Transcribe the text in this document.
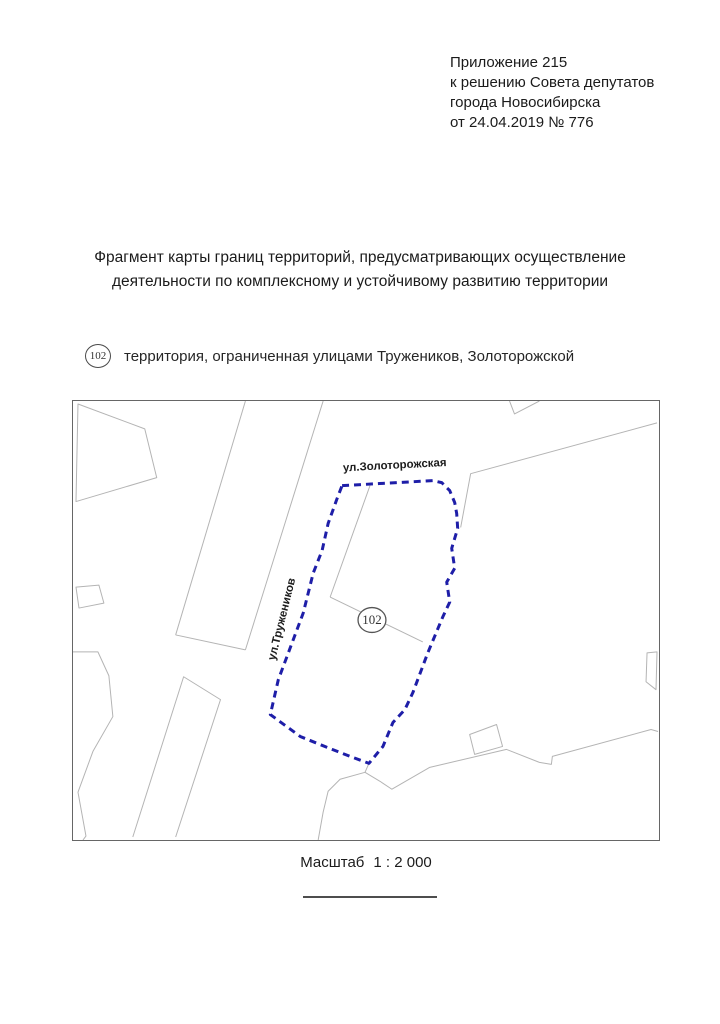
Приложение 215
к решению Совета депутатов
города Новосибирска
от 24.04.2019 № 776
Фрагмент карты границ территорий, предусматривающих осуществление
деятельности по комплексному и устойчивому развитию территории
102 территория, ограниченная улицами Тружеников, Золоторожской
ул.Золоторожская
ул.Тружеников	102
Масштаб 1 : 2 000
